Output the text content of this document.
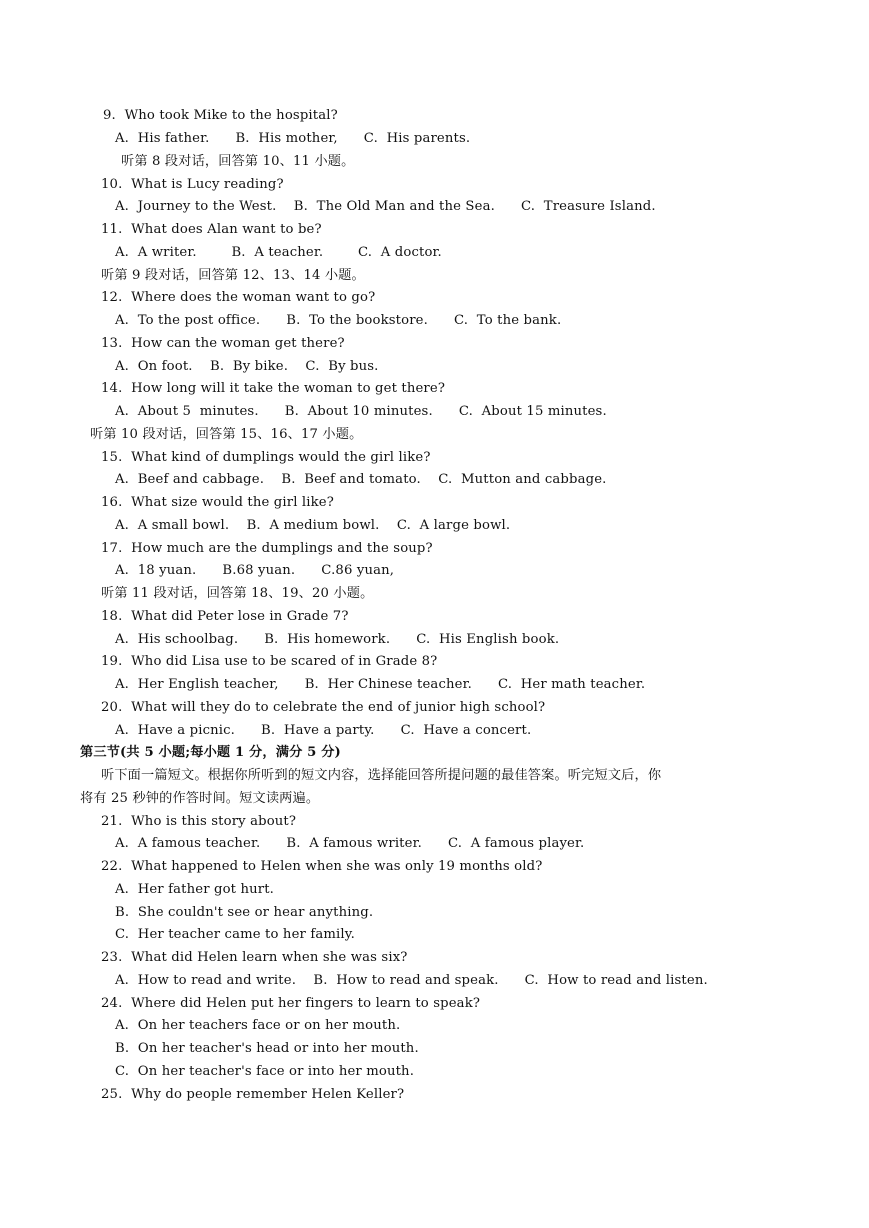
9.  Who took Mike to the hospital?
A.  His father.      B.  His mother,      C.  His parents.
听第 8 段对话，回答第 10、11 小题。
10.  What is Lucy reading?
A.  Journey to the West.    B.  The Old Man and the Sea.      C.  Treasure Island.
11.  What does Alan want to be?
A.  A writer.        B.  A teacher.        C.  A doctor.
听第 9 段对话，回答第 12、13、14 小题。
12.  Where does the woman want to go?
A.  To the post office.      B.  To the bookstore.      C.  To the bank.
13.  How can the woman get there?
A.  On foot.    B.  By bike.    C.  By bus.
14.  How long will it take the woman to get there?
A.  About 5  minutes.      B.  About 10 minutes.      C.  About 15 minutes.
听第 10 段对话，回答第 15、16、17 小题。
15.  What kind of dumplings would the girl like?
A.  Beef and cabbage.    B.  Beef and tomato.    C.  Mutton and cabbage.
16.  What size would the girl like?
A.  A small bowl.    B.  A medium bowl.    C.  A large bowl.
17.  How much are the dumplings and the soup?
A.  18 yuan.      B.68 yuan.      C.86 yuan,
听第 11 段对话，回答第 18、19、20 小题。
18.  What did Peter lose in Grade 7?
A.  His schoolbag.      B.  His homework.      C.  His English book.
19.  Who did Lisa use to be scared of in Grade 8?
A.  Her English teacher,      B.  Her Chinese teacher.      C.  Her math teacher.
20.  What will they do to celebrate the end of junior high school?
A.  Have a picnic.      B.  Have a party.      C.  Have a concert.
第三节(共 5 小题;每小题 1 分，满分 5 分)
听下面一篇短文。根据你所听到的短文内容，选择能回答所提问题的最佳答案。听完短文后，你
将有 25 秒钟的作答时间。短文读两遍。
21.  Who is this story about?
A.  A famous teacher.      B.  A famous writer.      C.  A famous player.
22.  What happened to Helen when she was only 19 months old?
A.  Her father got hurt.
B.  She couldn't see or hear anything.
C.  Her teacher came to her family.
23.  What did Helen learn when she was six?
A.  How to read and write.    B.  How to read and speak.      C.  How to read and listen.
24.  Where did Helen put her fingers to learn to speak?
A.  On her teachers face or on her mouth.
B.  On her teacher's head or into her mouth.
C.  On her teacher's face or into her mouth.
25.  Why do people remember Helen Keller?
